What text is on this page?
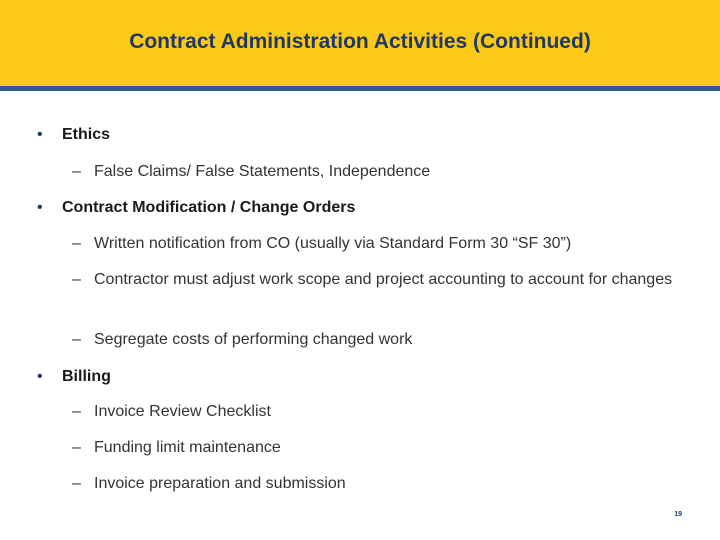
Contract Administration Activities (Continued)
• Ethics
– False Claims/ False Statements, Independence
• Contract Modification / Change Orders
– Written notification from CO (usually via Standard Form 30 “SF 30”)
– Contractor must adjust work scope and project accounting to account for changes
– Segregate costs of performing changed work
• Billing
– Invoice Review Checklist
– Funding limit maintenance
– Invoice preparation and submission
19
